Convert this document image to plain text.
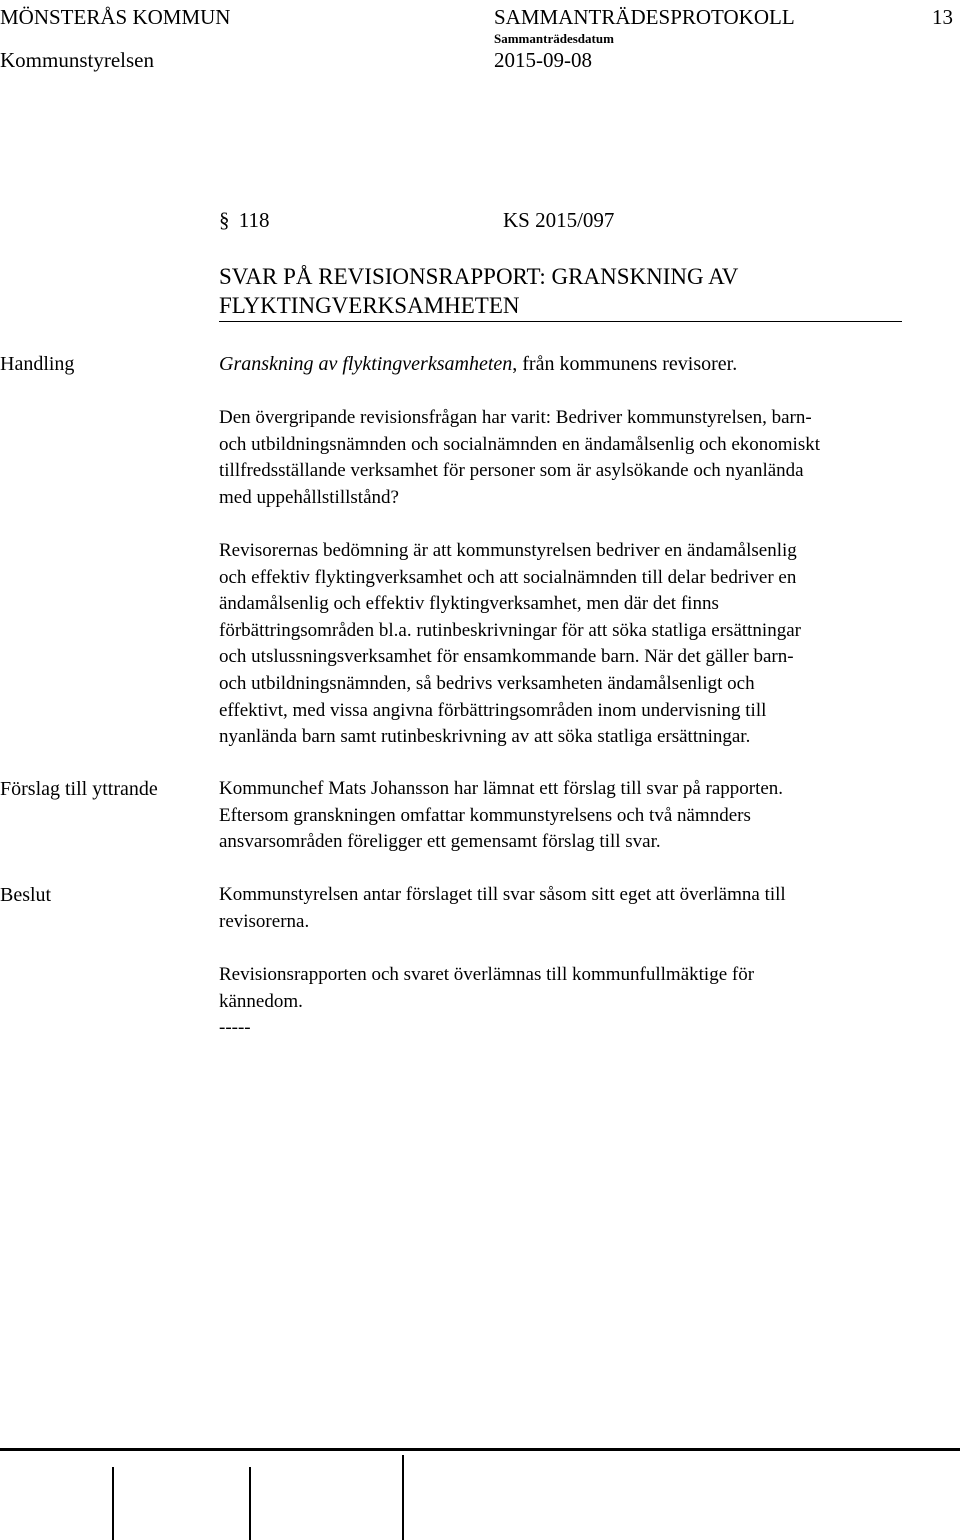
MÖNSTERÅS KOMMUN	SAMMANTRÄDESPROTOKOLL	13
Sammanträdesdatum
Kommunstyrelsen	2015-09-08
§ 118	KS 2015/097
SVAR PÅ REVISIONSRAPPORT: GRANSKNING AV
FLYKTINGVERKSAMHETEN
Handling	Granskning av flyktingverksamheten, från kommunens revisorer.
Den övergripande revisionsfrågan har varit: Bedriver kommunstyrelsen, barn-
och utbildningsnämnden och socialnämnden en ändamålsenlig och ekonomiskt
tillfredsställande verksamhet för personer som är asylsökande och nyanlända
med uppehållstillstånd?
Revisorernas bedömning är att kommunstyrelsen bedriver en ändamålsenlig
och effektiv flyktingverksamhet och att socialnämnden till delar bedriver en
ändamålsenlig och effektiv flyktingverksamhet, men där det finns
förbättringsområden bl.a. rutinbeskrivningar för att söka statliga ersättningar
och utslussningsverksamhet för ensamkommande barn. När det gäller barn-
och utbildningsnämnden, så bedrivs verksamheten ändamålsenligt och
effektivt, med vissa angivna förbättringsområden inom undervisning till
nyanlända barn samt rutinbeskrivning av att söka statliga ersättningar.
Förslag till yttrande	Kommunchef Mats Johansson har lämnat ett förslag till svar på rapporten.
Eftersom granskningen omfattar kommunstyrelsens och två nämnders
ansvarsområden föreligger ett gemensamt förslag till svar.
Beslut	Kommunstyrelsen antar förslaget till svar såsom sitt eget att överlämna till
revisorerna.
Revisionsrapporten och svaret överlämnas till kommunfullmäktige för
kännedom.
-----
